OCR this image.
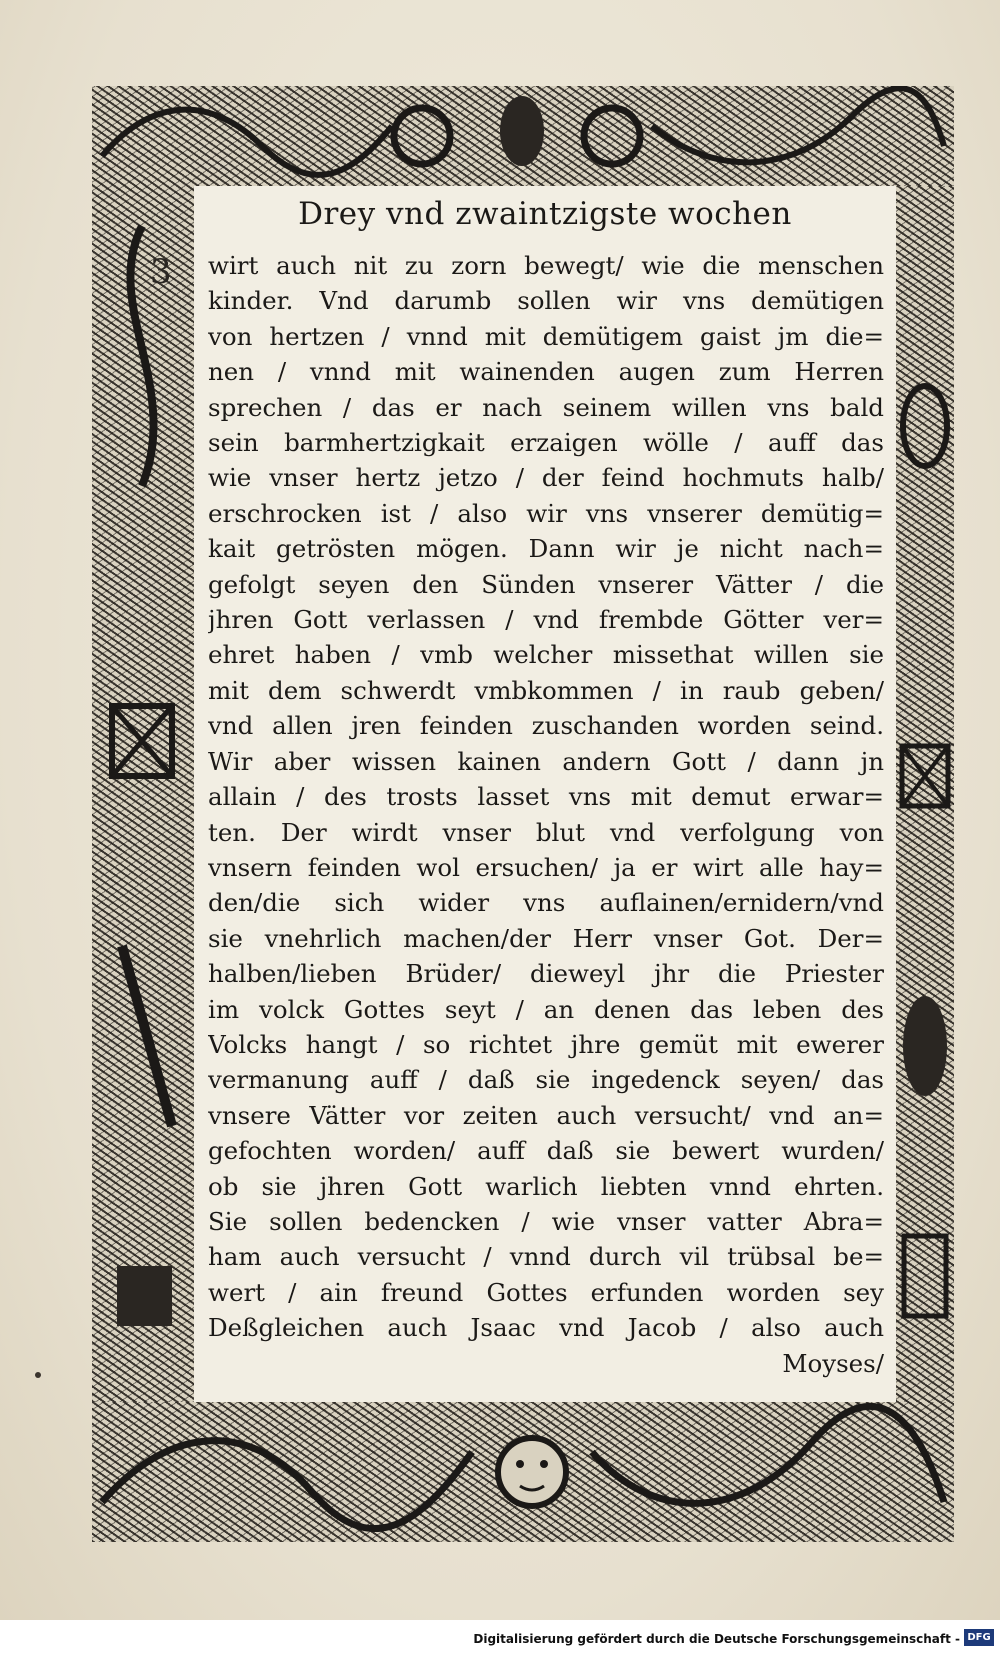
Drey vnd zwaintzigste wochen
wirt auch nit zu zorn bewegt/ wie die menschen
kinder. Vnd darumb sollen wir vns demütigen
von hertzen / vnnd mit demütigem gaist jm die=
nen / vnnd mit wainenden augen zum Herren
sprechen / das er nach seinem willen vns bald
sein barmhertzigkait erzaigen wölle / auff das
wie vnser hertz jetzo / der feind hochmuts halb/
erschrocken ist / also wir vns vnserer demütig=
kait getrösten mögen. Dann wir je nicht nach=
gefolgt seyen den Sünden vnserer Vätter / die
jhren Gott verlassen / vnd frembde Götter ver=
ehret haben / vmb welcher missethat willen sie
mit dem schwerdt vmbkommen / in raub geben/
vnd allen jren feinden zuschanden worden seind.
Wir aber wissen kainen andern Gott / dann jn
allain / des trosts lasset vns mit demut erwar=
ten. Der wirdt vnser blut vnd verfolgung von
vnsern feinden wol ersuchen/ ja er wirt alle hay=
den/die sich wider vns auflainen/ernidern/vnd
sie vnehrlich machen/der Herr vnser Got. Der=
halben/lieben Brüder/ dieweyl jhr die Priester
im volck Gottes seyt / an denen das leben des
Volcks hangt / so richtet jhre gemüt mit ewerer
vermanung auff / daß sie ingedenck seyen/ das
vnsere Vätter vor zeiten auch versucht/ vnd an=
gefochten worden/ auff daß sie bewert wurden/
ob sie jhren Gott warlich liebten vnnd ehrten.
Sie sollen bedencken / wie vnser vatter Abra=
ham auch versucht / vnnd durch vil trübsal be=
wert / ain freund Gottes erfunden worden sey
Deßgleichen auch Jsaac vnd Jacob / also auch
Moyses/
3
Digitalisierung gefördert durch die Deutsche Forschungsgemeinschaft - DFG
